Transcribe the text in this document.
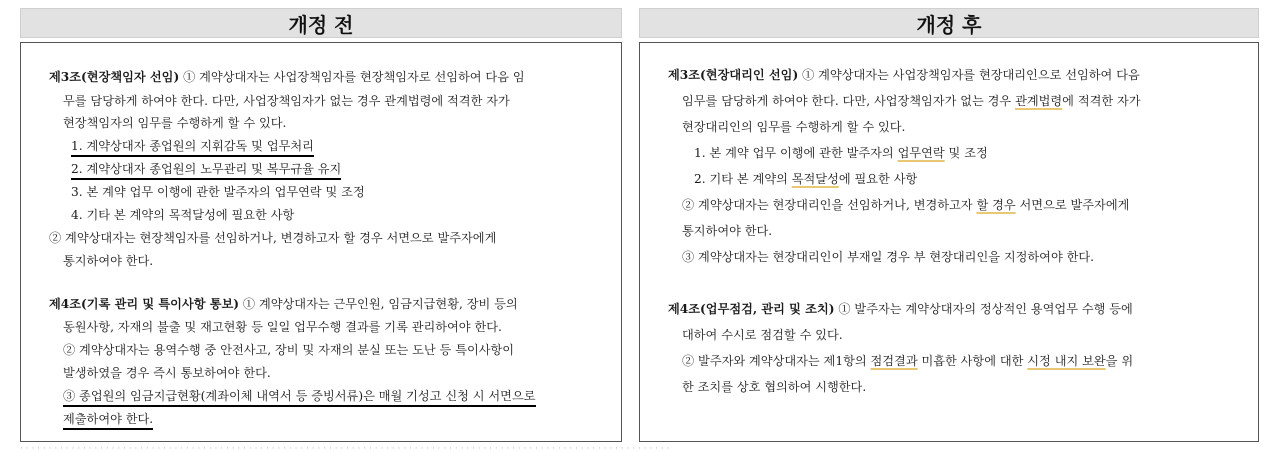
개정 전
제3조(현장책임자 선임) ① 계약상대자는 사업장책임자를 현장책임자로 선임하여 다음 임
무를 담당하게 하여야 한다. 다만, 사업장책임자가 없는 경우 관계법령에 적격한 자가
현장책임자의 임무를 수행하게 할 수 있다.
1. 계약상대자 종업원의 지휘감독 및 업무처리
2. 계약상대자 종업원의 노무관리 및 복무규율 유지
3. 본 계약 업무 이행에 관한 발주자의 업무연락 및 조정
4. 기타 본 계약의 목적달성에 필요한 사항
② 계약상대자는 현장책임자를 선임하거나, 변경하고자 할 경우 서면으로 발주자에게
통지하여야 한다.
제4조(기록 관리 및 특이사항 통보) ① 계약상대자는 근무인원, 임금지급현황, 장비 등의
동원사항, 자재의 불출 및 재고현황 등 일일 업무수행 결과를 기록 관리하여야 한다.
② 계약상대자는 용역수행 중 안전사고, 장비 및 자재의 분실 또는 도난 등 특이사항이
발생하였을 경우 즉시 통보하여야 한다.
③ 종업원의 임금지급현황(계좌이체 내역서 등 증빙서류)은 매월 기성고 신청 시 서면으로
제출하여야 한다.
개정 후
제3조(현장대리인 선임) ① 계약상대자는 사업장책임자를 현장대리인으로 선임하여 다음
임무를 담당하게 하여야 한다. 다만, 사업장책임자가 없는 경우 관계법령에 적격한 자가
현장대리인의 임무를 수행하게 할 수 있다.
1. 본 계약 업무 이행에 관한 발주자의 업무연락 및 조정
2. 기타 본 계약의 목적달성에 필요한 사항
② 계약상대자는 현장대리인을 선임하거나, 변경하고자 할 경우 서면으로 발주자에게
통지하여야 한다.
③ 계약상대자는 현장대리인이 부재일 경우 부 현장대리인을 지정하여야 한다.
제4조(업무점검, 관리 및 조치) ① 발주자는 계약상대자의 정상적인 용역업무 수행 등에
대하여 수시로 점검할 수 있다.
② 발주자와 계약상대자는 제1항의 점검결과 미흡한 사항에 대한 시정 내지 보완을 위
한 조치를 상호 협의하여 시행한다.
· · · · · · · · · · · · · · · · · · · · · · · · · · · · · · · · · · · · · · · · · · · · · · · · · · · · · · · · · · · · · · · · · · · · · · · · · · · · · · · · · · · · · · · · · · · · · · · · · · · · · · · · · · · · · · · · · ·
